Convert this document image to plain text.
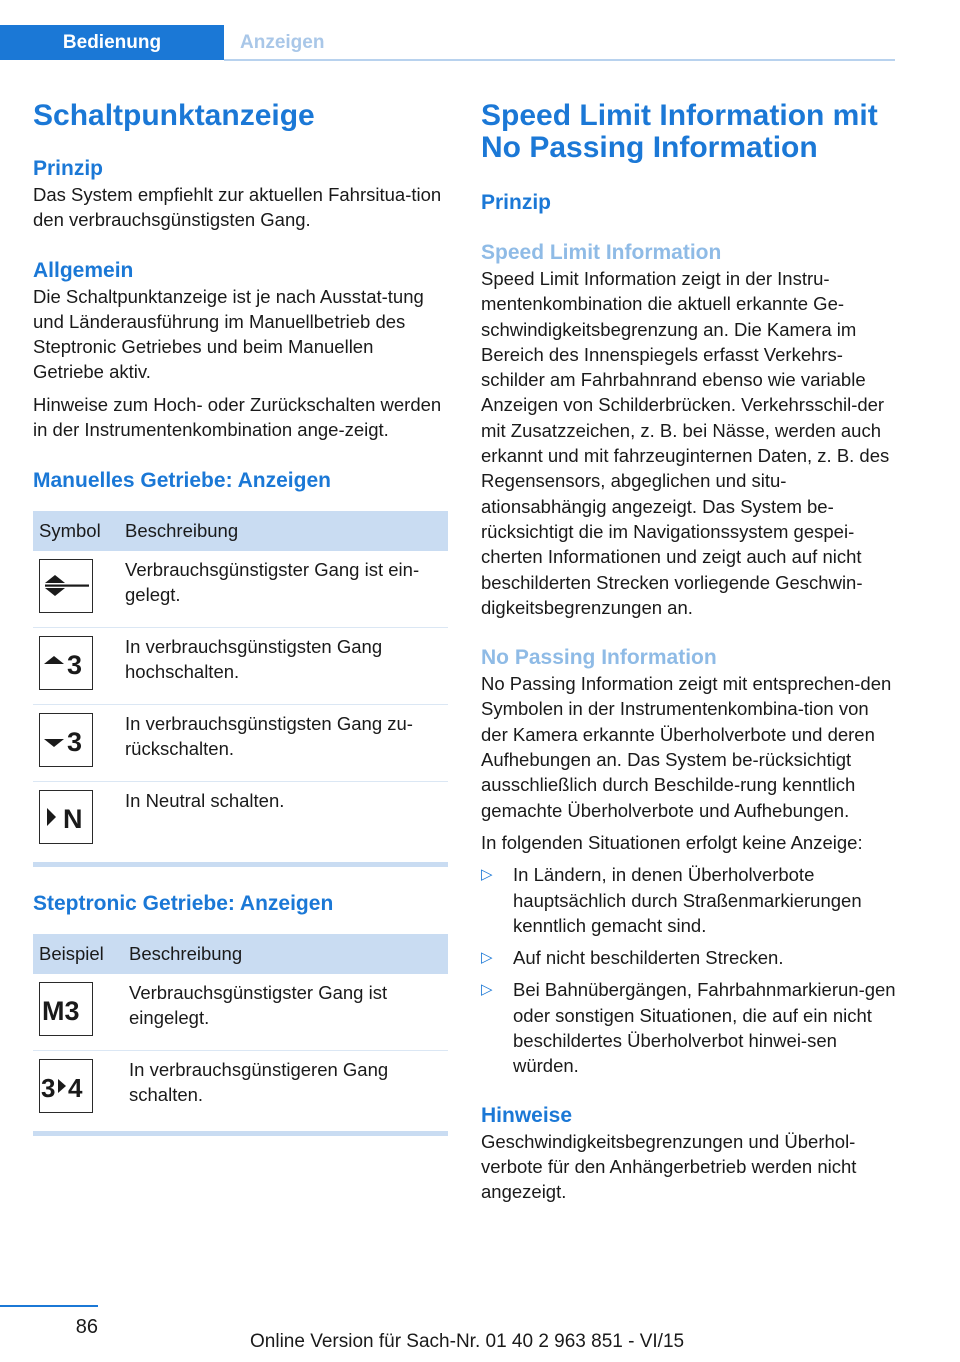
Bedienung	Anzeigen
Schaltpunktanzeige
Prinzip

Das System empfiehlt zur aktuellen Fahrsitua‐tion den verbrauchsgünstigsten Gang.

Allgemein

Die Schaltpunktanzeige ist je nach Ausstat‐tung und Länderausführung im Manuellbetrieb des Steptronic Getriebes und beim Manuellen Getriebe aktiv.

Hinweise zum Hoch- oder Zurückschalten werden in der Instrumentenkombination ange‐zeigt.

Manuelles Getriebe: Anzeigen
Symbol	Beschreibung

	Verbrauchsgünstigster Gang ist ein‐gelegt.

3	In verbrauchsgünstigsten Gang hochschalten.

3	In verbrauchsgünstigsten Gang zu‐rückschalten.

N	In Neutral schalten.
Steptronic Getriebe: Anzeigen
Beispiel	Beschreibung

M3	Verbrauchsgünstigster Gang ist eingelegt.

3 4	In verbrauchsgünstigeren Gang schalten.
Speed Limit Information mit No Passing Information
Prinzip
Speed Limit Information

Speed Limit Information zeigt in der Instru‐mentenkombination die aktuell erkannte Ge‐schwindigkeitsbegrenzung an. Die Kamera im Bereich des Innenspiegels erfasst Verkehrs‐schilder am Fahrbahnrand ebenso wie variable Anzeigen von Schilderbrücken. Verkehrsschil‐der mit Zusatzzeichen, z. B. bei Nässe, werden auch erkannt und mit fahrzeuginternen Daten, z. B. des Regensensors, abgeglichen und situ‐ationsabhängig angezeigt. Das System be‐rücksichtigt die im Navigationssystem gespei‐cherten Informationen und zeigt auch auf nicht beschilderten Strecken vorliegende Geschwin‐digkeitsbegrenzungen an.

No Passing Information

No Passing Information zeigt mit entsprechen‐den Symbolen in der Instrumentenkombina‐tion von der Kamera erkannte Überholverbote und deren Aufhebungen an. Das System be‐rücksichtigt ausschließlich durch Beschilde‐rung kenntlich gemachte Überholverbote und Aufhebungen.

In folgenden Situationen erfolgt keine Anzeige:

▷ In Ländern, in denen Überholverbote hauptsächlich durch Straßenmarkierungen kenntlich gemacht sind.
▷ Auf nicht beschilderten Strecken.
▷ Bei Bahnübergängen, Fahrbahnmarkierun‐gen oder sonstigen Situationen, die auf ein nicht beschildertes Überholverbot hinwei‐sen würden.
Hinweise

Geschwindigkeitsbegrenzungen und Überhol‐verbote für den Anhängerbetrieb werden nicht angezeigt.

86
Online Version für Sach-Nr. 01 40 2 963 851 - VI/15
